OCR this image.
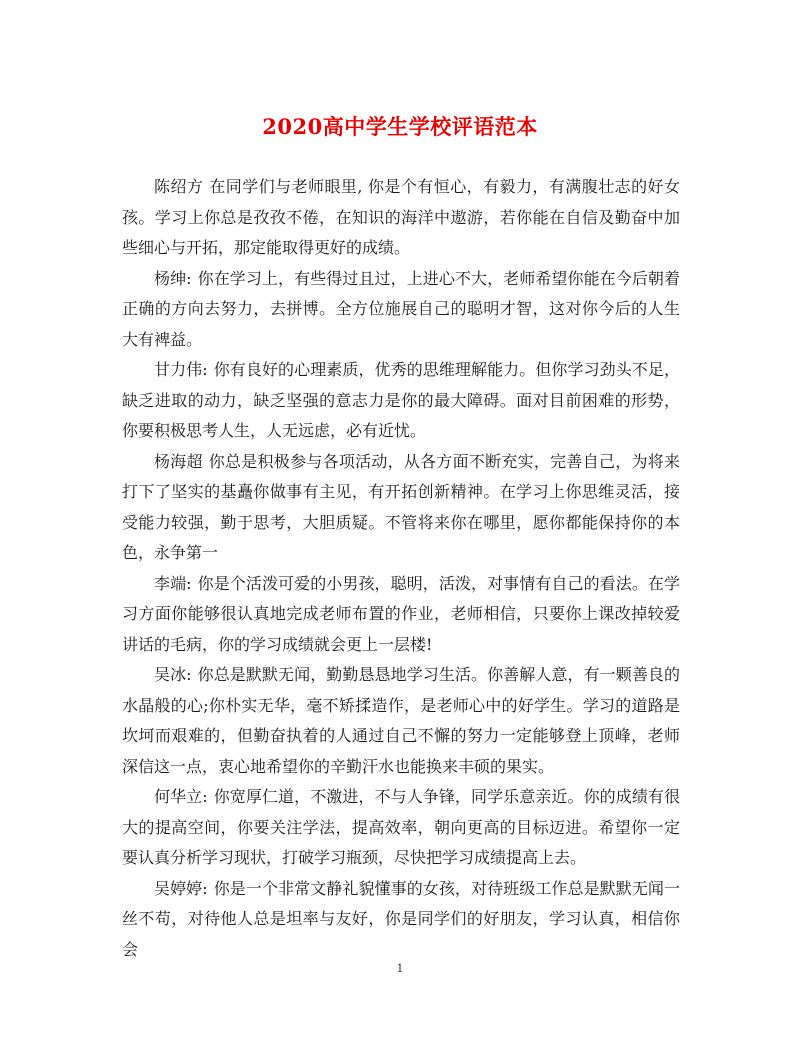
2020高中学生学校评语范本

陈绍方 在同学们与老师眼里, 你是个有恒心，有毅力，有满腹壮志的好女孩。学习上你总是孜孜不倦，在知识的海洋中遨游，若你能在自信及勤奋中加些细心与开拓，那定能取得更好的成绩。

杨绅: 你在学习上，有些得过且过，上进心不大，老师希望你能在今后朝着正确的方向去努力，去拼博。全方位施展自己的聪明才智，这对你今后的人生大有裨益。

甘力伟: 你有良好的心理素质，优秀的思维理解能力。但你学习劲头不足，缺乏进取的动力，缺乏坚强的意志力是你的最大障碍。面对目前困难的形势，你要积极思考人生，人无远虑，必有近忧。

杨海超 你总是积极参与各项活动，从各方面不断充实，完善自己，为将来打下了坚实的基矗你做事有主见，有开拓创新精神。在学习上你思维灵活，接受能力较强，勤于思考，大胆质疑。不管将来你在哪里，愿你都能保持你的本色，永争第一

李端: 你是个活泼可爱的小男孩，聪明，活泼，对事情有自己的看法。在学习方面你能够很认真地完成老师布置的作业，老师相信，只要你上课改掉较爱讲话的毛病，你的学习成绩就会更上一层楼!

吴冰: 你总是默默无闻，勤勤恳恳地学习生活。你善解人意，有一颗善良的水晶般的心;你朴实无华，毫不矫揉造作，是老师心中的好学生。学习的道路是坎坷而艰难的，但勤奋执着的人通过自己不懈的努力一定能够登上顶峰，老师深信这一点，衷心地希望你的辛勤汗水也能换来丰硕的果实。

何华立: 你宽厚仁道，不激进，不与人争锋，同学乐意亲近。你的成绩有很大的提高空间，你要关注学法，提高效率，朝向更高的目标迈进。希望你一定要认真分析学习现状，打破学习瓶颈，尽快把学习成绩提高上去。

吴婷婷: 你是一个非常文静礼貌懂事的女孩，对待班级工作总是默默无闻一丝不苟，对待他人总是坦率与友好，你是同学们的好朋友，学习认真，相信你会

1
